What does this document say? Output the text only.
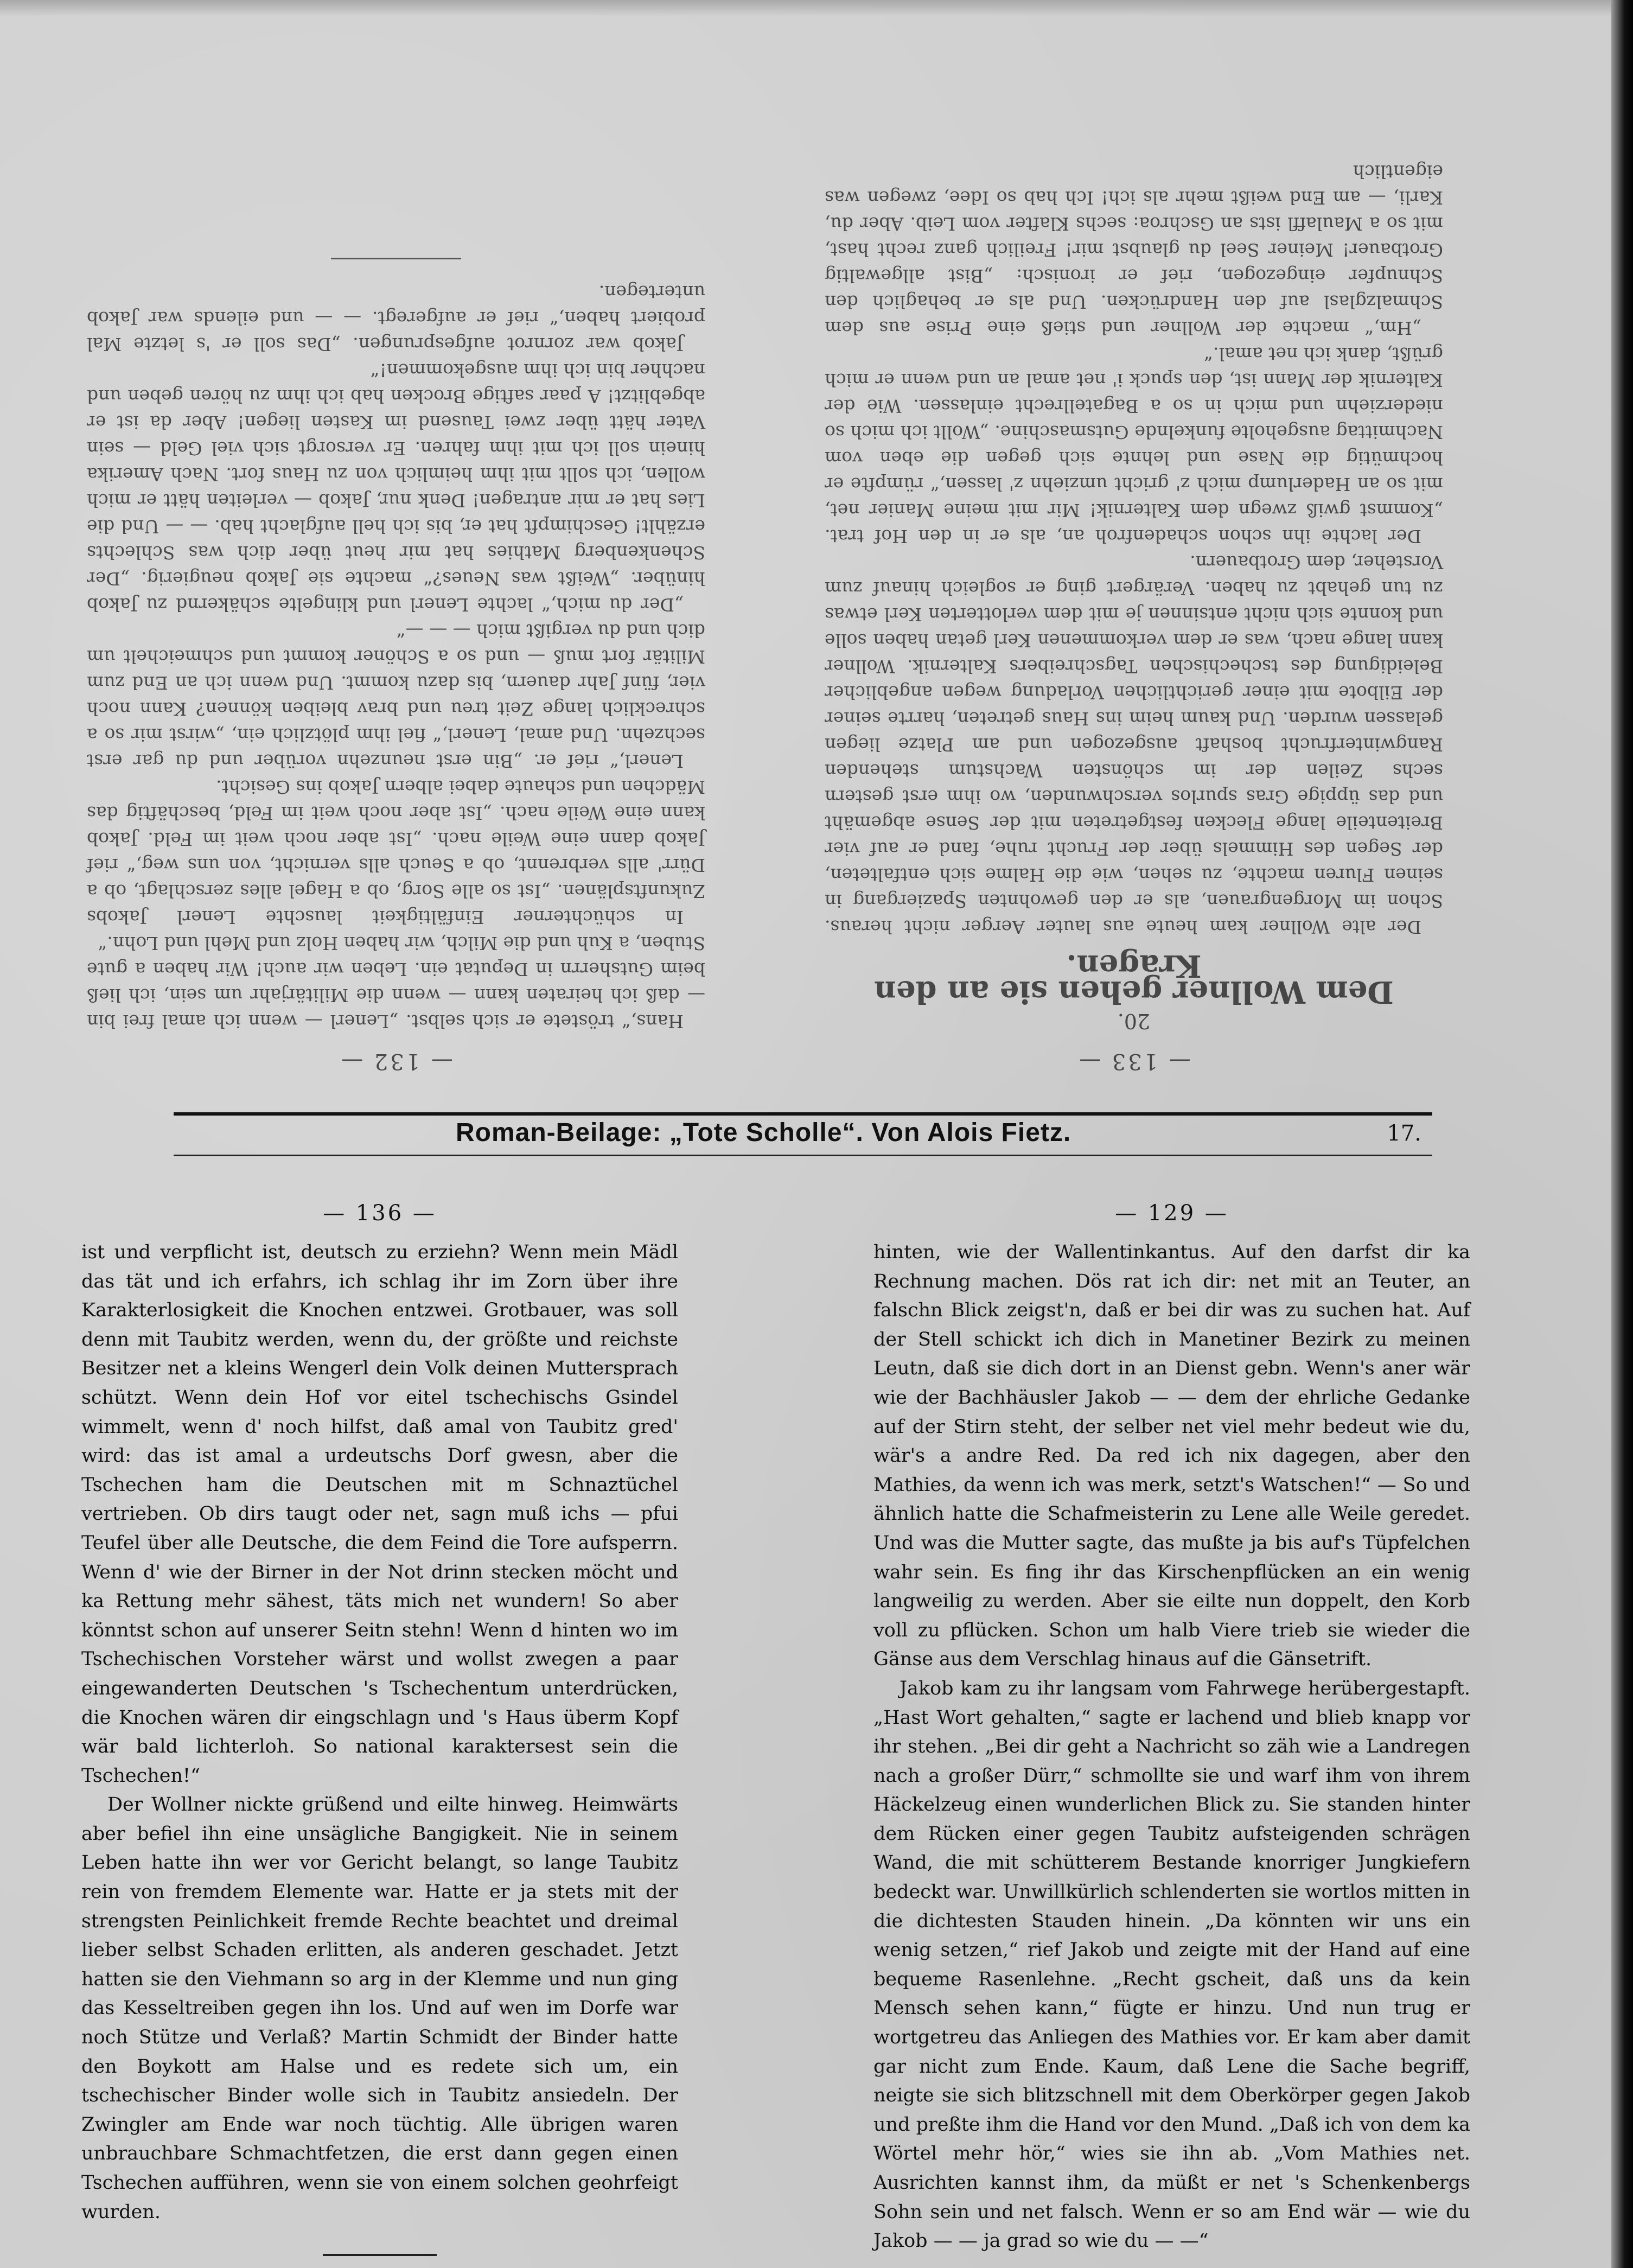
— 133 —
20.
Dem Wollner gehen sie an den Kragen.

Der alte Wollner kam heute aus lauter Aerger nicht heraus. Schon im Morgengrauen, als er den gewohnten Spaziergang in seinen Fluren machte, zu sehen, wie die Halme sich entfalteten, der Segen des Himmels über der Frucht ruhe, fand er auf vier Breitenteile lange Flecken festgetreten mit der Sense abgemäht und das üppige Gras spurlos verschwunden, wo ihm erst gestern sechs Zeilen der im schönsten Wachstum stehenden Rangwinterfrucht boshaft ausgezogen und am Platze liegen gelassen wurden. Und kaum heim ins Haus getreten, harrte seiner der Eilbote mit einer gerichtlichen Vorladung wegen angeblicher Beleidigung des tschechischen Tagschreibers Kalternik. Wollner kann lange nach, was er dem verkommenen Kerl getan haben solle und konnte sich nicht entsinnen je mit dem verlotterten Kerl etwas zu tun gehabt zu haben. Verärgert ging er sogleich hinauf zum Vorsteher, dem Grotbauern.

Der lachte ihn schon schadenfroh an, als er in den Hof trat. „Kommst gwiß zwegn dem Kalternik! Mir mit meine Manier net, mit so an Haderlump mich z' gricht umziehn z' lassen,“ rümpfte er hochmütig die Nase und lehnte sich gegen die eben vom Nachmittag ausgeholte funkelnde Gutsmaschine. „Wollt ich mich so niederziehn und mich in so a Bagatellrecht einlassen. Wie der Kalternik der Mann ist, den spuck i' net amal an und wenn er mich grüßt, dank ich net amal.“

„Hm,“ machte der Wollner und stieß eine Prise aus dem Schmalzglasl auf den Handrücken. Und als er behaglich den Schnupfer eingezogen, rief er ironisch: „Bist allgewaltig Grotbauer! Meiner Seel du glaubst mir! Freilich ganz recht hast, mit so a Maulaffl ists an Gschroa: sechs Klafter vom Leib. Aber du, Karli, — am End weißt mehr als ich! Ich hab so Idee, zwegen was eigentlich

— 132 —

Hans,“ tröstete er sich selbst. „Lenerl — wenn ich amal frei bin — daß ich heiraten kann — wenn die Militärjahr um sein, ich ließ beim Gutsherrn in Deputat ein. Leben wir auch! Wir haben a gute Stuben, a Kuh und die Milch, wir haben Holz und Mehl und Lohn.“

In schüchterner Einfältigkeit lauschte Lenerl Jakobs Zukunftsplänen. „Ist so alle Sorg, ob a Hagel alles zerschlagt, ob a Dürr' alls verbrennt, ob a Seuch alls vernicht, von uns weg,“ rief Jakob dann eine Weile nach. „Ist aber noch weit im Feld. Jakob kann eine Weile nach. „Ist aber noch weit im Feld, beschäftig das Mädchen und schaute dabei albern Jakob ins Gesicht.

Lenerl,“ rief er. „Bin erst neunzehn vorüber und du gar erst sechzehn. Und amal, Lenerl,“ fiel ihm plötzlich ein, „wirst mir so a schrecklich lange Zeit treu und brav bleiben können? Kann noch vier, fünf Jahr dauern, bis dazu kommt. Und wenn ich an End zum Militär fort muß — und so a Schöner kommt und schmeichelt um dich und du vergißt mich — — —“

„Der du mich,“ lachte Lenerl und klingelte schäkernd zu Jakob hinüber. „Weißt was Neues?“ machte sie Jakob neugierig. „Der Schenkenberg Mathies hat mir heut über dich was Schlechts erzählt! Geschimpft hat er, bis ich hell aufglacht hab. — — Und die Lies hat er mir antragen! Denk nur, Jakob — verleiten hätt er mich wollen, ich sollt mit ihm heimlich von zu Haus fort. Nach Amerika hinein soll ich mit ihm fahren. Er versorgt sich viel Geld — sein Vater hätt über zwei Tausend im Kasten liegen! Aber da ist er abgeblitzt! A paar saftige Brocken hab ich ihm zu hören geben und nachher bin ich ihm ausgekommen!“

Jakob war zornrot aufgesprungen. „Das soll er 's letzte Mal probiert haben,“ rief er aufgeregt. — — und eilends war Jakob untertegen.

Roman-Beilage: „Tote Scholle“. Von Alois Fietz.	17.
— 136 —

ist und verpflicht ist, deutsch zu erziehn? Wenn mein Mädl das tät und ich erfahrs, ich schlag ihr im Zorn über ihre Karakterlosigkeit die Knochen entzwei. Grotbauer, was soll denn mit Taubitz werden, wenn du, der größte und reichste Besitzer net a kleins Wengerl dein Volk deinen Muttersprach schützt. Wenn dein Hof vor eitel tschechischs Gsindel wimmelt, wenn d' noch hilfst, daß amal von Taubitz gred' wird: das ist amal a urdeutschs Dorf gwesn, aber die Tschechen ham die Deutschen mit m Schnaztüchel vertrieben. Ob dirs taugt oder net, sagn muß ichs — pfui Teufel über alle Deutsche, die dem Feind die Tore aufsperrn. Wenn d' wie der Birner in der Not drinn stecken möcht und ka Rettung mehr sähest, täts mich net wundern! So aber könntst schon auf unserer Seitn stehn! Wenn d hinten wo im Tschechischen Vorsteher wärst und wollst zwegen a paar eingewanderten Deutschen 's Tschechentum unterdrücken, die Knochen wären dir eingschlagn und 's Haus überm Kopf wär bald lichterloh. So national karaktersest sein die Tschechen!“

Der Wollner nickte grüßend und eilte hinweg. Heimwärts aber befiel ihn eine unsägliche Bangigkeit. Nie in seinem Leben hatte ihn wer vor Gericht belangt, so lange Taubitz rein von fremdem Elemente war. Hatte er ja stets mit der strengsten Peinlichkeit fremde Rechte beachtet und dreimal lieber selbst Schaden erlitten, als anderen geschadet. Jetzt hatten sie den Viehmann so arg in der Klemme und nun ging das Kesseltreiben gegen ihn los. Und auf wen im Dorfe war noch Stütze und Verlaß? Martin Schmidt der Binder hatte den Boykott am Halse und es redete sich um, ein tschechischer Binder wolle sich in Taubitz ansiedeln. Der Zwingler am Ende war noch tüchtig. Alle übrigen waren unbrauchbare Schmachtfetzen, die erst dann gegen einen Tschechen aufführen, wenn sie von einem solchen geohrfeigt wurden.

— 129 —

hinten, wie der Wallentinkantus. Auf den darfst dir ka Rechnung machen. Dös rat ich dir: net mit an Teuter, an falschn Blick zeigst'n, daß er bei dir was zu suchen hat. Auf der Stell schickt ich dich in Manetiner Bezirk zu meinen Leutn, daß sie dich dort in an Dienst gebn. Wenn's aner wär wie der Bachhäusler Jakob — — dem der ehrliche Gedanke auf der Stirn steht, der selber net viel mehr bedeut wie du, wär's a andre Red. Da red ich nix dagegen, aber den Mathies, da wenn ich was merk, setzt's Watschen!“ — So und ähnlich hatte die Schafmeisterin zu Lene alle Weile geredet. Und was die Mutter sagte, das mußte ja bis auf's Tüpfelchen wahr sein. Es fing ihr das Kirschenpflücken an ein wenig langweilig zu werden. Aber sie eilte nun doppelt, den Korb voll zu pflücken. Schon um halb Viere trieb sie wieder die Gänse aus dem Verschlag hinaus auf die Gänsetrift.

Jakob kam zu ihr langsam vom Fahrwege herübergestapft. „Hast Wort gehalten,“ sagte er lachend und blieb knapp vor ihr stehen. „Bei dir geht a Nachricht so zäh wie a Landregen nach a großer Dürr,“ schmollte sie und warf ihm von ihrem Häckelzeug einen wunderlichen Blick zu. Sie standen hinter dem Rücken einer gegen Taubitz aufsteigenden schrägen Wand, die mit schütterem Bestande knorriger Jungkiefern bedeckt war. Unwillkürlich schlenderten sie wortlos mitten in die dichtesten Stauden hinein. „Da könnten wir uns ein wenig setzen,“ rief Jakob und zeigte mit der Hand auf eine bequeme Rasenlehne. „Recht gscheit, daß uns da kein Mensch sehen kann,“ fügte er hinzu. Und nun trug er wortgetreu das Anliegen des Mathies vor. Er kam aber damit gar nicht zum Ende. Kaum, daß Lene die Sache begriff, neigte sie sich blitzschnell mit dem Oberkörper gegen Jakob und preßte ihm die Hand vor den Mund. „Daß ich von dem ka Wörtel mehr hör,“ wies sie ihn ab. „Vom Mathies net. Ausrichten kannst ihm, da müßt er net 's Schenkenbergs Sohn sein und net falsch. Wenn er so am End wär — wie du Jakob — — ja grad so wie du — —“
